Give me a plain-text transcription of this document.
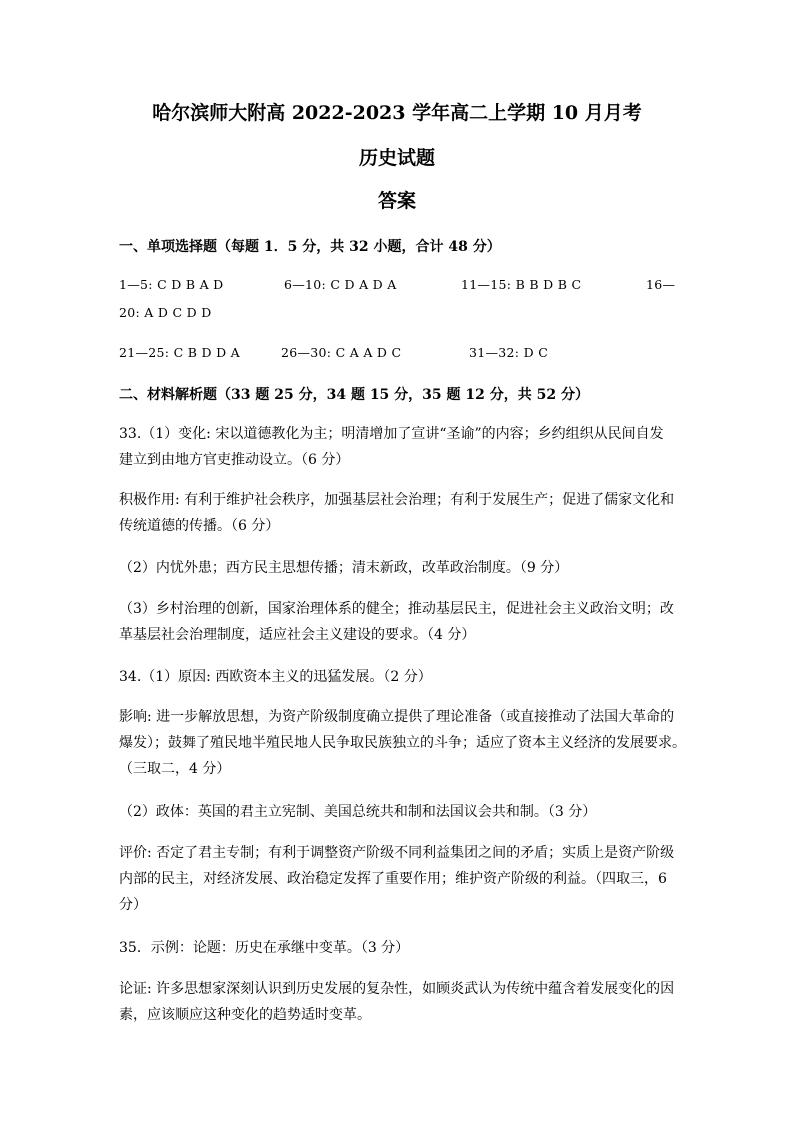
哈尔滨师大附高 2022-2023 学年高二上学期 10 月月考
历史试题
答案
一、单项选择题（每题 1．5 分，共 32 小题，合计 48 分）
1—5: C D B A D	6—10: C D A D A	11—15: B B D B C	16—
20: A D C D D
21—25: C B D D A	26—30: C A A D C	31—32: D C
二、材料解析题（33 题 25 分，34 题 15 分，35 题 12 分，共 52 分）
33.（1）变化: 宋以道德教化为主；明清增加了宣讲“圣谕”的内容；乡约组织从民间自发
建立到由地方官吏推动设立。（6 分）
积极作用: 有利于维护社会秩序，加强基层社会治理；有利于发展生产；促进了儒家文化和
传统道德的传播。（6 分）
（2）内忧外患；西方民主思想传播；清末新政，改革政治制度。（9 分）
（3）乡村治理的创新，国家治理体系的健全；推动基层民主，促进社会主义政治文明；改
革基层社会治理制度，适应社会主义建设的要求。（4 分）
34.（1）原因: 西欧资本主义的迅猛发展。（2 分）
影响: 进一步解放思想，为资产阶级制度确立提供了理论准备（或直接推动了法国大革命的
爆发）；鼓舞了殖民地半殖民地人民争取民族独立的斗争；适应了资本主义经济的发展要求。
（三取二，4 分）
（2）政体：英国的君主立宪制、美国总统共和制和法国议会共和制。（3 分）
评价: 否定了君主专制；有利于调整资产阶级不同利益集团之间的矛盾；实质上是资产阶级
内部的民主，对经济发展、政治稳定发挥了重要作用；维护资产阶级的利益。（四取三，6
分）
35．示例：论题：历史在承继中变革。（3 分）
论证: 许多思想家深刻认识到历史发展的复杂性，如顾炎武认为传统中蕴含着发展变化的因
素，应该顺应这种变化的趋势适时变革。
